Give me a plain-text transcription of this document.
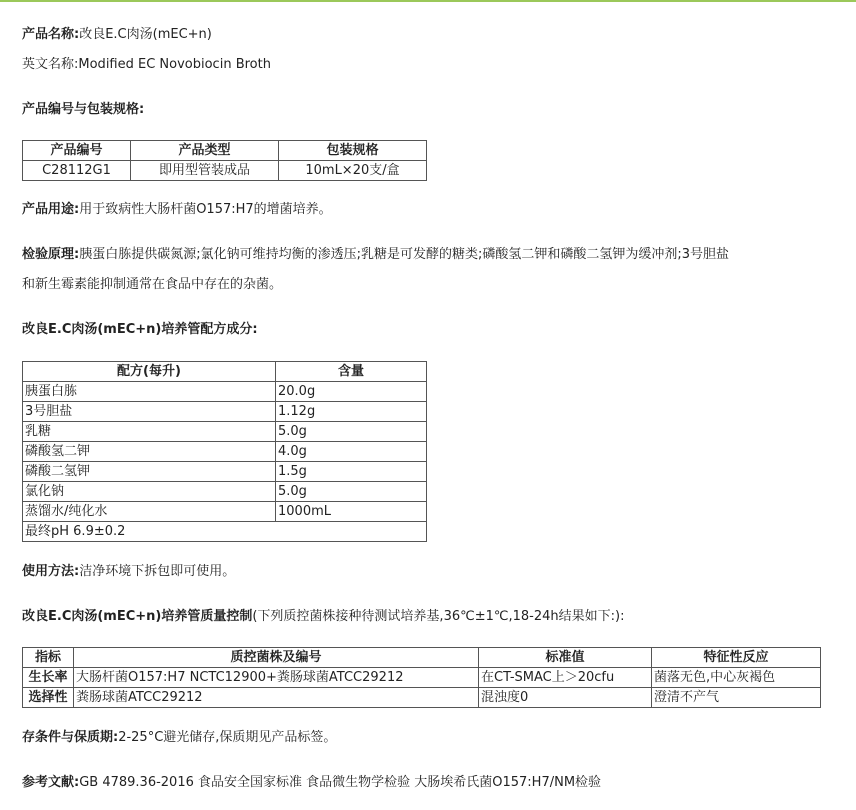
产品名称:改良E.C肉汤(mEC+n)
英文名称:Modified EC Novobiocin Broth
产品编号与包装规格:
产品编号	产品类型	包装规格
C28112G1	即用型管装成品	10mL×20支/盒
产品用途:用于致病性大肠杆菌O157:H7的增菌培养。
检验原理:胰蛋白胨提供碳氮源;氯化钠可维持均衡的渗透压;乳糖是可发酵的糖类;磷酸氢二钾和磷酸二氢钾为缓冲剂;3号胆盐
和新生霉素能抑制通常在食品中存在的杂菌。
改良E.C肉汤(mEC+n)培养管配方成分:
配方(每升)	含量
胰蛋白胨	20.0g
3号胆盐	1.12g
乳糖	5.0g
磷酸氢二钾	4.0g
磷酸二氢钾	1.5g
氯化钠	5.0g
蒸馏水/纯化水	1000mL
最终pH 6.9±0.2	
使用方法:洁净环境下拆包即可使用。
改良E.C肉汤(mEC+n)培养管质量控制(下列质控菌株接种待测试培养基,36℃±1℃,18-24h结果如下:):
指标	质控菌株及编号	标准值	特征性反应
生长率	大肠杆菌O157:H7 NCTC12900+粪肠球菌ATCC29212	在CT-SMAC上＞20cfu	菌落无色,中心灰褐色
选择性	粪肠球菌ATCC29212	混浊度0	澄清不产气
存条件与保质期:2-25°C避光储存,保质期见产品标签。
参考文献:GB 4789.36-2016 食品安全国家标准 食品微生物学检验 大肠埃希氏菌O157:H7/NM检验
